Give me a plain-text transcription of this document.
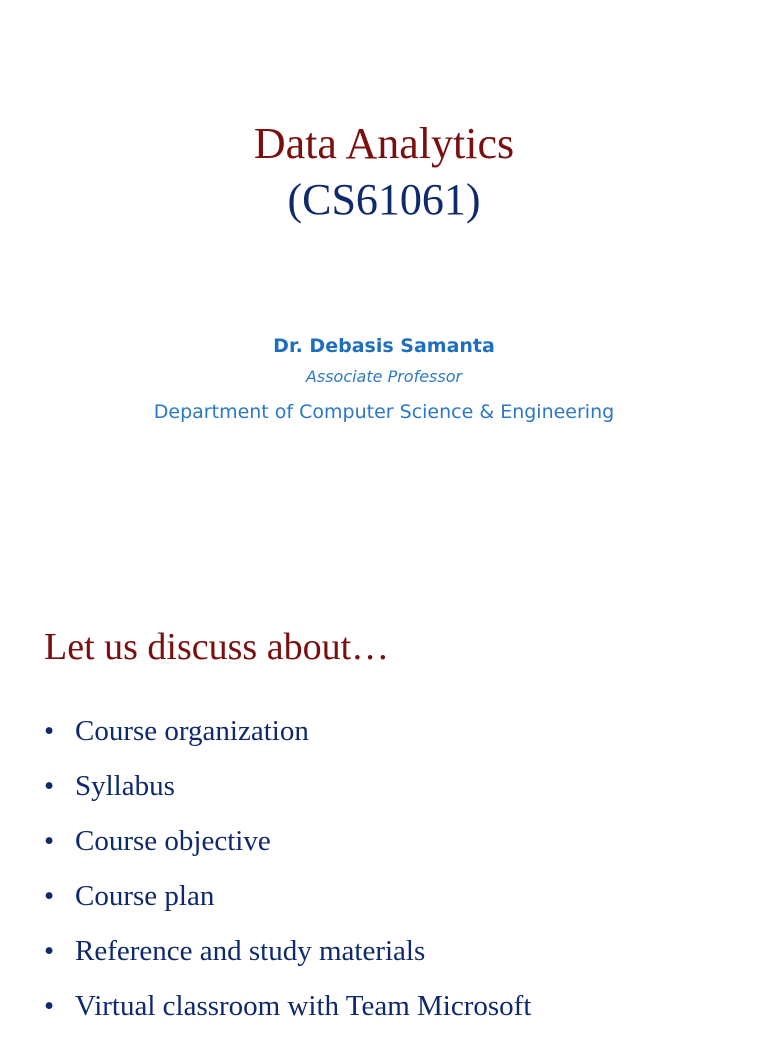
Data Analytics
(CS61061)
Dr. Debasis Samanta
Associate Professor
Department of Computer Science & Engineering
Let us discuss about…
• Course organization
• Syllabus
• Course objective
• Course plan
• Reference and study materials
• Virtual classroom with Team Microsoft
